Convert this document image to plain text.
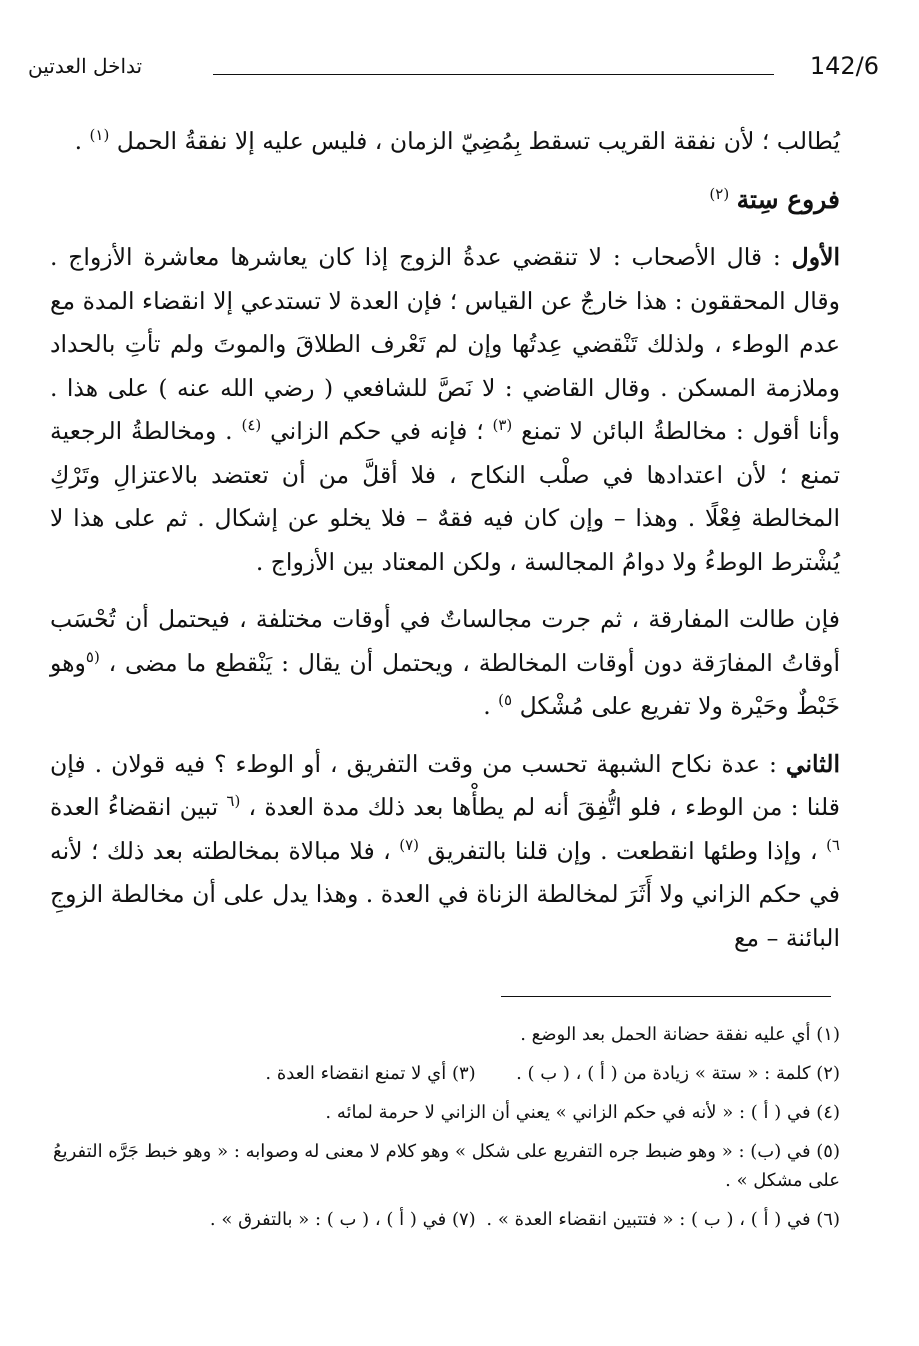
تداخل العدتين	142/6

يُطالب ؛ لأن نفقة القريب تسقط بِمُضِيّ الزمان ، فليس عليه إلا نفقةُ الحمل $^{(١)}$ .

فروع سِتة $^{(٢)}$

الأول : قال الأصحاب : لا تنقضي عدةُ الزوج إذا كان يعاشرها معاشرة الأزواج . وقال المحققون : هذا خارجٌ عن القياس ؛ فإن العدة لا تستدعي إلا انقضاء المدة مع عدم الوطء ، ولذلك تَنْقضي عِدتُها وإن لم تَعْرف الطلاقَ والموتَ ولم تأتِ بالحداد وملازمة المسكن . وقال القاضي : لا نَصَّ للشافعي ( رضي الله عنه ) على هذا . وأنا أقول : مخالطةُ البائن لا تمنع $^{(٣)}$ ؛ فإنه في حكم الزاني $^{(٤)}$ . ومخالطةُ الرجعية تمنع ؛ لأن اعتدادها في صلْب النكاح ، فلا أقلَّ من أن تعتضد بالاعتزالِ وتَرْكِ المخالطة فِعْلًا . وهذا – وإن كان فيه فقهٌ – فلا يخلو عن إشكال . ثم على هذا لا يُشْترط الوطءُ ولا دوامُ المجالسة ، ولكن المعتاد بين الأزواج .

فإن طالت المفارقة ، ثم جرت مجالساتٌ في أوقات مختلفة ، فيحتمل أن تُحْسَب أوقاتُ المفارَقة دون أوقات المخالطة ، ويحتمل أن يقال : يَنْقطع ما مضى ، $^{(٥}$وهو خَبْطٌ وحَيْرة ولا تفريع على مُشْكل $^{٥)}$ .

الثاني : عدة نكاح الشبهة تحسب من وقت التفريق ، أو الوطء ؟ فيه قولان . فإن قلنا : من الوطء ، فلو اتُّفِقَ أنه لم يطأْها بعد ذلك مدة العدة ، $^{(٦}$ تبين انقضاءُ العدة $^{٦)}$ ، وإذا وطئها انقطعت . وإن قلنا بالتفريق $^{(٧)}$ ، فلا مبالاة بمخالطته بعد ذلك ؛ لأنه في حكم الزاني ولا أَثَرَ لمخالطة الزناة في العدة . وهذا يدل على أن مخالطة الزوجِ البائنة – مع

(١) أي عليه نفقة حضانة الحمل بعد الوضع .
(٢) كلمة : « ستة » زيادة من ( أ ) ، ( ب ) .
(٣) أي لا تمنع انقضاء العدة .
(٤) في ( أ ) : « لأنه في حكم الزاني » يعني أن الزاني لا حرمة لمائه .
(٥) في (ب) : « وهو ضبط جره التفريع على شكل » وهو كلام لا معنى له وصوابه : « وهو خبط جَرَّه التفريعُ على مشكل » .
(٦) في ( أ ) ، ( ب ) : « فتتبين انقضاء العدة » .
(٧) في ( أ ) ، ( ب ) : « بالتفرق » .
